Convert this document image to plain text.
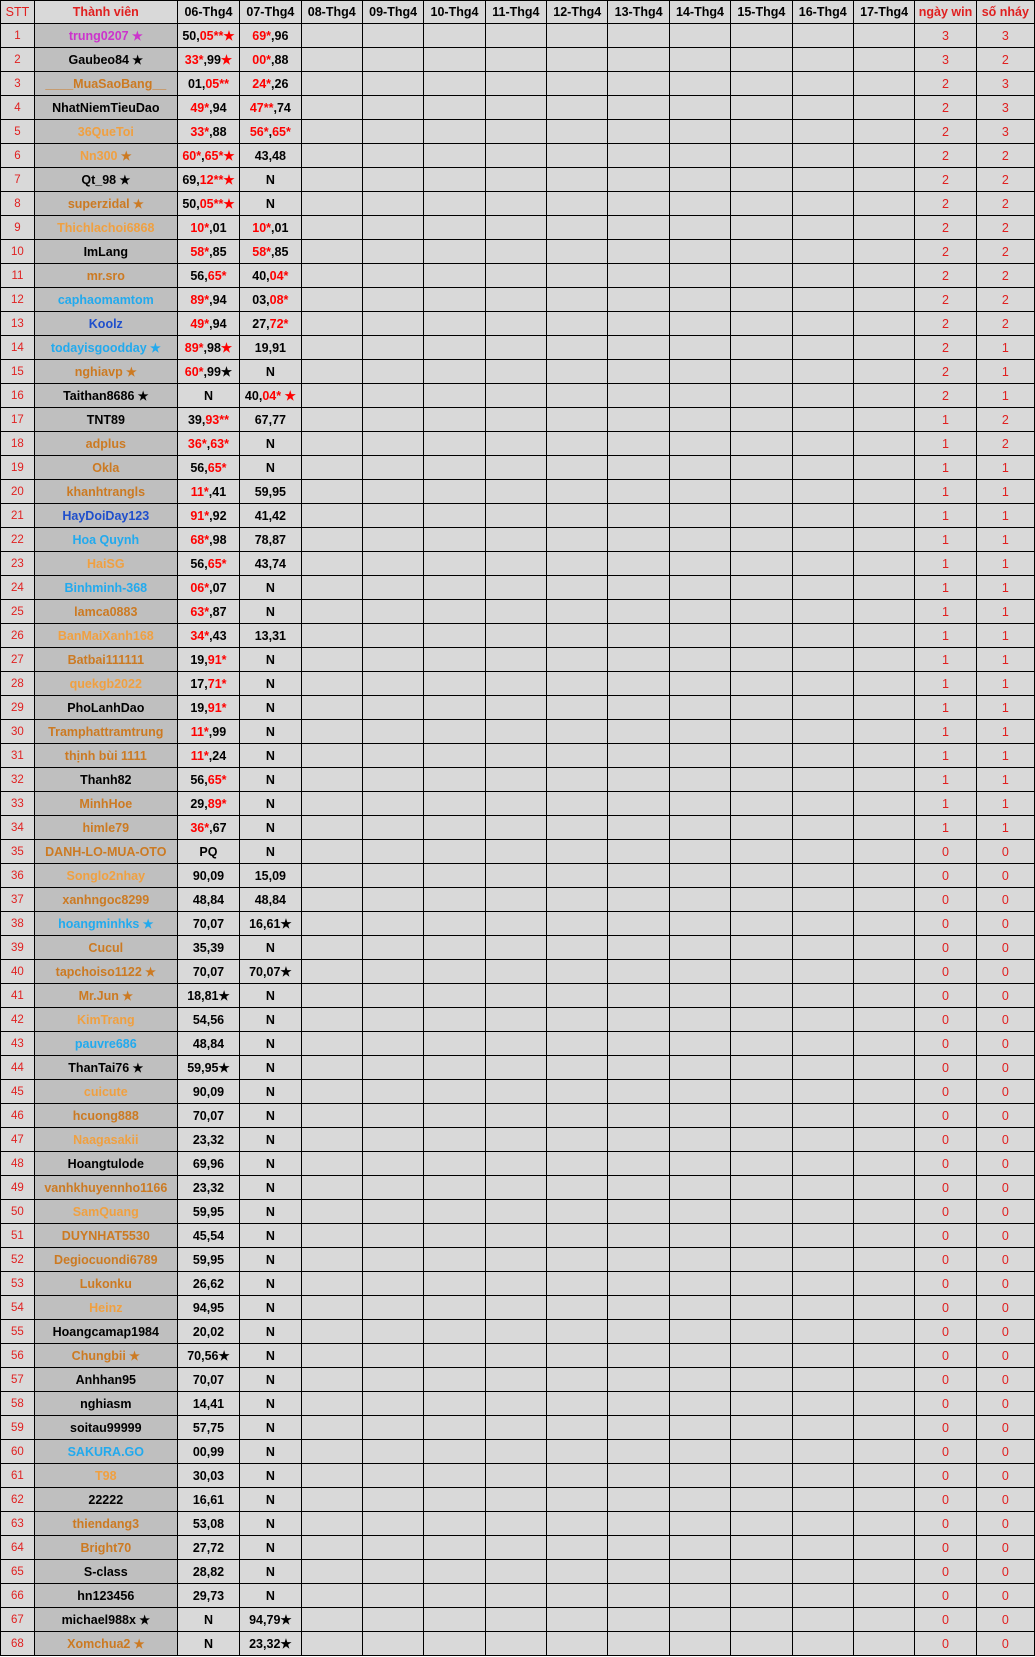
STT	Thành viên	06-Thg4	07-Thg4	08-Thg4	09-Thg4	10-Thg4	11-Thg4	12-Thg4	13-Thg4	14-Thg4	15-Thg4	16-Thg4	17-Thg4	ngày win	số nháy
1	trung0207 ★	50,05**★	69*,96											3	3
2	Gaubeo84 ★	33*,99★	00*,88											3	2
3	____MuaSaoBang__	01,05**	24*,26											2	3
4	NhatNiemTieuDao	49*,94	47**,74											2	3
5	36QueToi	33*,88	56*,65*											2	3
6	Nn300 ★	60*,65*★	43,48											2	2
7	Qt_98 ★	69,12**★	N											2	2
8	superzidal ★	50,05**★	N											2	2
9	Thichlachoi6868	10*,01	10*,01											2	2
10	ImLang	58*,85	58*,85											2	2
11	mr.sro	56,65*	40,04*											2	2
12	caphaomamtom	89*,94	03,08*											2	2
13	Koolz	49*,94	27,72*											2	2
14	todayisgoodday ★	89*,98★	19,91											2	1
15	nghiavp ★	60*,99★	N											2	1
16	Taithan8686 ★	N	40,04* ★											2	1
17	TNT89	39,93**	67,77											1	2
18	adplus	36*,63*	N											1	2
19	Okla	56,65*	N											1	1
20	khanhtrangls	11*,41	59,95											1	1
21	HayDoiDay123	91*,92	41,42											1	1
22	Hoa Quynh	68*,98	78,87											1	1
23	HaiSG	56,65*	43,74											1	1
24	Binhminh-368	06*,07	N											1	1
25	lamca0883	63*,87	N											1	1
26	BanMaiXanh168	34*,43	13,31											1	1
27	Batbai111111	19,91*	N											1	1
28	quekgb2022	17,71*	N											1	1
29	PhoLanhDao	19,91*	N											1	1
30	Tramphattramtrung	11*,99	N											1	1
31	thịnh bùi 1111	11*,24	N											1	1
32	Thanh82	56,65*	N											1	1
33	MinhHoe	29,89*	N											1	1
34	himle79	36*,67	N											1	1
35	DANH-LO-MUA-OTO	PQ	N											0	0
36	Songlo2nhay	90,09	15,09											0	0
37	xanhngoc8299	48,84	48,84											0	0
38	hoangminhks ★	70,07	16,61★											0	0
39	Cucul	35,39	N											0	0
40	tapchoiso1122 ★	70,07	70,07★											0	0
41	Mr.Jun ★	18,81★	N											0	0
42	KimTrang	54,56	N											0	0
43	pauvre686	48,84	N											0	0
44	ThanTai76 ★	59,95★	N											0	0
45	cuicute	90,09	N											0	0
46	hcuong888	70,07	N											0	0
47	Naagasakii	23,32	N											0	0
48	Hoangtulode	69,96	N											0	0
49	vanhkhuyennho1166	23,32	N											0	0
50	SamQuang	59,95	N											0	0
51	DUYNHAT5530	45,54	N											0	0
52	Degiocuondi6789	59,95	N											0	0
53	Lukonku	26,62	N											0	0
54	Heinz	94,95	N											0	0
55	Hoangcamap1984	20,02	N											0	0
56	Chungbii ★	70,56★	N											0	0
57	Anhhan95	70,07	N											0	0
58	nghiasm	14,41	N											0	0
59	soitau99999	57,75	N											0	0
60	SAKURA.GO	00,99	N											0	0
61	T98	30,03	N											0	0
62	22222	16,61	N											0	0
63	thiendang3	53,08	N											0	0
64	Bright70	27,72	N											0	0
65	S-class	28,82	N											0	0
66	hn123456	29,73	N											0	0
67	michael988x ★	N	94,79★											0	0
68	Xomchua2 ★	N	23,32★											0	0
